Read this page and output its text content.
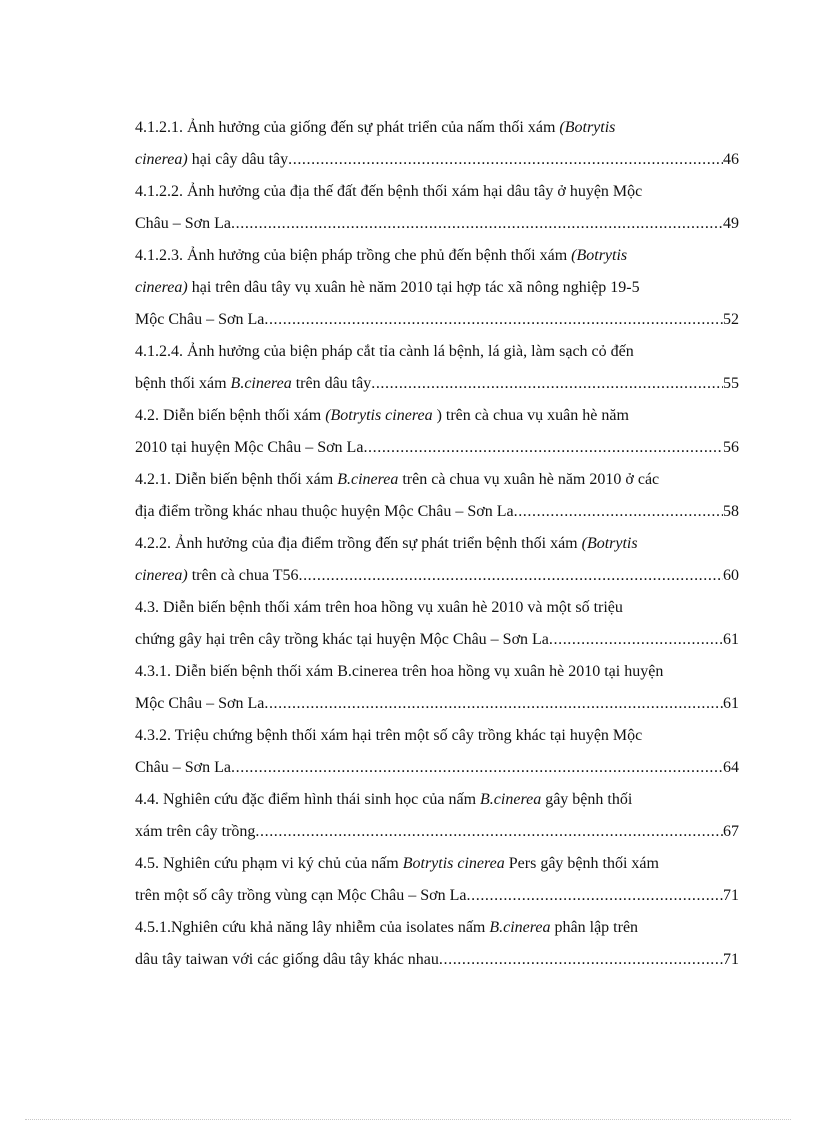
4.1.2.1. Ảnh hưởng của giống đến sự phát triển của nấm thối xám (Botrytis
cinerea) hại cây dâu tây .....	46
4.1.2.2. Ảnh hưởng của địa thế đất đến bệnh thối xám hại dâu tây ở huyện Mộc
Châu – Sơn La .....	49
4.1.2.3. Ảnh hưởng của biện pháp trồng che phủ đến bệnh thối xám (Botrytis
cinerea) hại trên dâu tây vụ xuân hè năm 2010 tại hợp tác xã nông nghiệp 19-5
Mộc Châu – Sơn La .....	52
4.1.2.4. Ảnh hưởng của biện pháp cắt tỉa cành lá bệnh, lá già, làm sạch cỏ đến
bệnh thối xám B.cinerea trên dâu tây .....	55
4.2. Diễn biến bệnh thối xám (Botrytis cinerea ) trên cà chua vụ xuân hè năm
2010 tại huyện Mộc Châu – Sơn La .....	56
4.2.1. Diễn biến bệnh thối xám B.cinerea trên cà chua vụ xuân hè năm 2010 ở các
địa điểm trồng khác nhau thuộc huyện Mộc Châu – Sơn La .....	58
4.2.2. Ảnh hưởng của địa điểm trồng đến sự phát triển bệnh thối xám (Botrytis
cinerea) trên cà chua T56 .....	60
4.3. Diễn biến bệnh thối xám trên hoa hồng vụ xuân hè 2010 và một số triệu
chứng gây hại trên cây trồng khác tại huyện Mộc Châu – Sơn La .....	61
4.3.1. Diễn biến bệnh thối xám B.cinerea trên hoa hồng vụ xuân hè 2010 tại huyện
Mộc Châu – Sơn La .....	61
4.3.2. Triệu chứng bệnh thối xám hại trên một số cây trồng khác tại huyện Mộc
Châu – Sơn La .....	64
4.4. Nghiên cứu đặc điểm hình thái sinh học của nấm B.cinerea gây bệnh thối
xám trên cây trồng .....	67
4.5. Nghiên cứu phạm vi ký chủ của nấm Botrytis cinerea Pers gây bệnh thối xám
trên một số cây trồng vùng cạn Mộc Châu – Sơn La .....	71
4.5.1.Nghiên cứu khả năng lây nhiễm của isolates nấm B.cinerea phân lập trên
dâu tây taiwan với các giống dâu tây khác nhau .....	71
